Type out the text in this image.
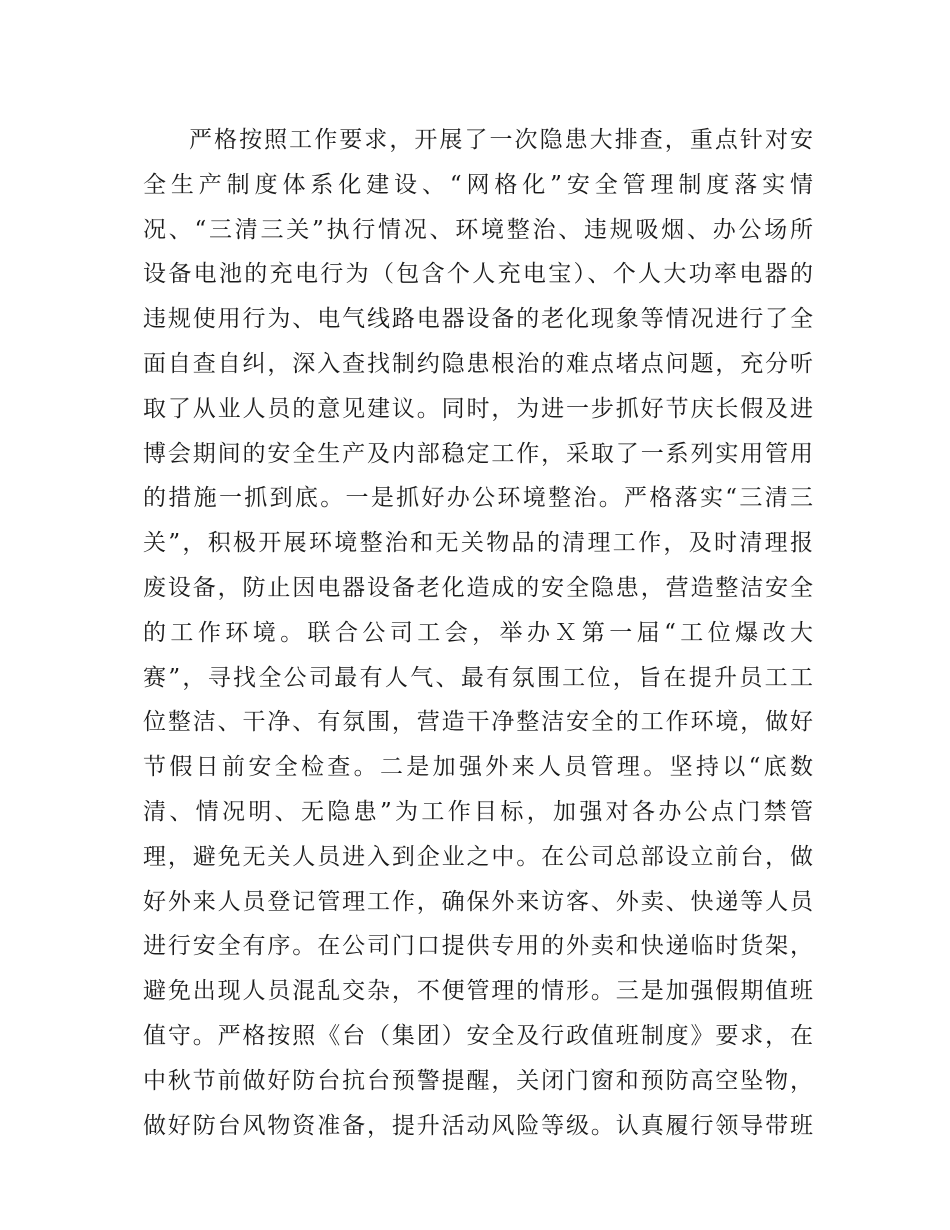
严格按照工作要求，开展了一次隐患大排查，重点针对安
全生产制度体系化建设、“网格化”安全管理制度落实情
况、“三清三关”执行情况、环境整治、违规吸烟、办公场所
设备电池的充电行为（包含个人充电宝）、个人大功率电器的
违规使用行为、电气线路电器设备的老化现象等情况进行了全
面自查自纠，深入查找制约隐患根治的难点堵点问题，充分听
取了从业人员的意见建议。同时，为进一步抓好节庆长假及进
博会期间的安全生产及内部稳定工作，采取了一系列实用管用
的措施一抓到底。一是抓好办公环境整治。严格落实“三清三
关”，积极开展环境整治和无关物品的清理工作，及时清理报
废设备，防止因电器设备老化造成的安全隐患，营造整洁安全
的工作环境。联合公司工会，举办Ｘ第一届“工位爆改大
赛”，寻找全公司最有人气、最有氛围工位，旨在提升员工工
位整洁、干净、有氛围，营造干净整洁安全的工作环境，做好
节假日前安全检查。二是加强外来人员管理。坚持以“底数
清、情况明、无隐患”为工作目标，加强对各办公点门禁管
理，避免无关人员进入到企业之中。在公司总部设立前台，做
好外来人员登记管理工作，确保外来访客、外卖、快递等人员
进行安全有序。在公司门口提供专用的外卖和快递临时货架，
避免出现人员混乱交杂，不便管理的情形。三是加强假期值班
值守。严格按照《台（集团）安全及行政值班制度》要求，在
中秋节前做好防台抗台预警提醒，关闭门窗和预防高空坠物，
做好防台风物资准备，提升活动风险等级。认真履行领导带班
